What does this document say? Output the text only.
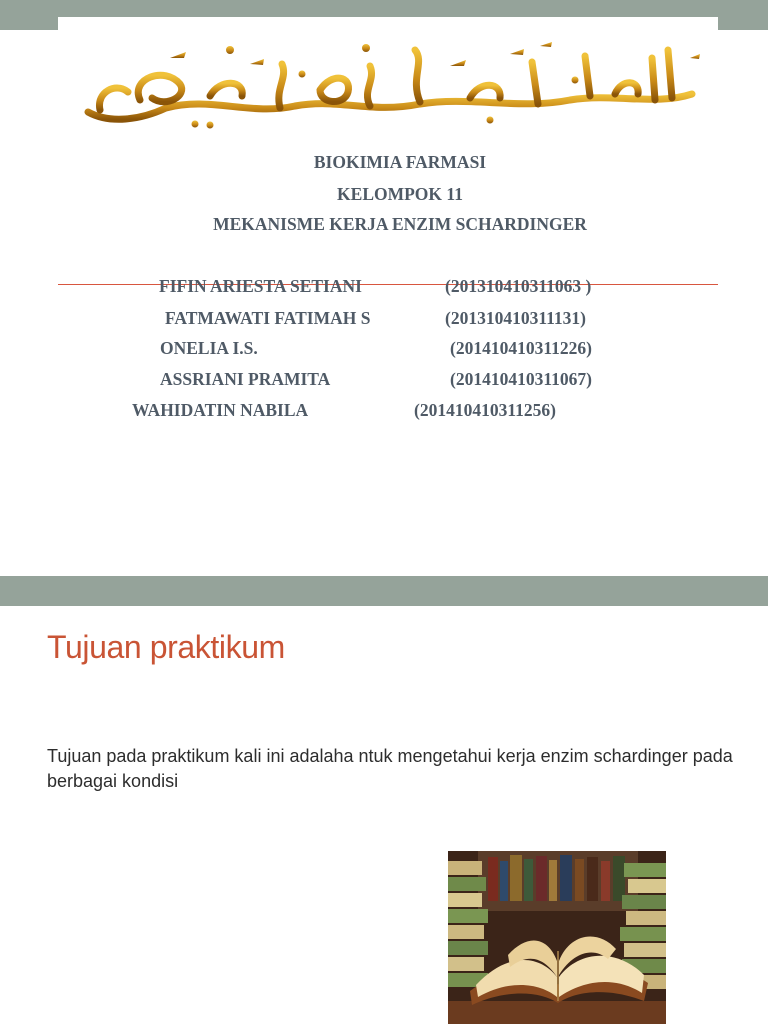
BIOKIMIA FARMASI
KELOMPOK 11
MEKANISME KERJA ENZIM SCHARDINGER
FIFIN ARIESTA SETIANI	(201310410311063 )
FATMAWATI FATIMAH S	(201310410311131)
ONELIA I.S.	(201410410311226)
ASSRIANI PRAMITA	(201410410311067)
WAHIDATIN NABILA	(201410410311256)
Tujuan praktikum
Tujuan pada praktikum kali ini adalaha ntuk mengetahui kerja enzim schardinger pada berbagai kondisi
